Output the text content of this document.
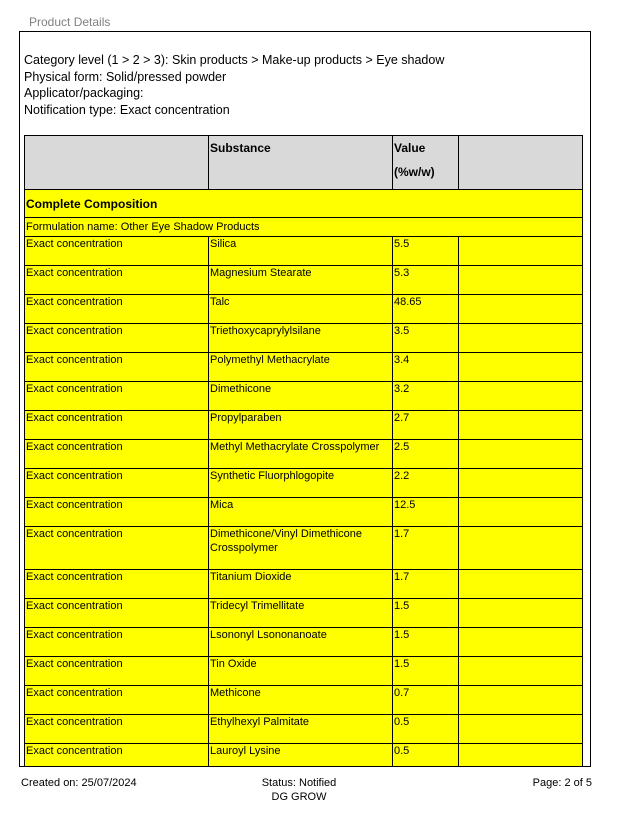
Product Details
Category level (1 > 2 > 3): Skin products > Make-up products > Eye shadow
Physical form: Solid/pressed powder
Applicator/packaging:
Notification type: Exact concentration
	Substance	Value
(%w/w)	

Complete Composition			
Formulation name: Other Eye Shadow Products			
Exact concentration	Silica	5.5	
Exact concentration	Magnesium Stearate	5.3	
Exact concentration	Talc	48.65	
Exact concentration	Triethoxycaprylylsilane	3.5	
Exact concentration	Polymethyl Methacrylate	3.4	
Exact concentration	Dimethicone	3.2	
Exact concentration	Propylparaben	2.7	
Exact concentration	Methyl Methacrylate Crosspolymer	2.5	
Exact concentration	Synthetic Fluorphlogopite	2.2	
Exact concentration	Mica	12.5	
Exact concentration	Dimethicone/Vinyl Dimethicone Crosspolymer	1.7	
Exact concentration	Titanium Dioxide	1.7	
Exact concentration	Tridecyl Trimellitate	1.5	
Exact concentration	Lsononyl Lsononanoate	1.5	
Exact concentration	Tin Oxide	1.5	
Exact concentration	Methicone	0.7	
Exact concentration	Ethylhexyl Palmitate	0.5	
Exact concentration	Lauroyl Lysine	0.5	
Created on: 25/07/2024	Status: Notified
DG GROW
Page: 2 of 5
